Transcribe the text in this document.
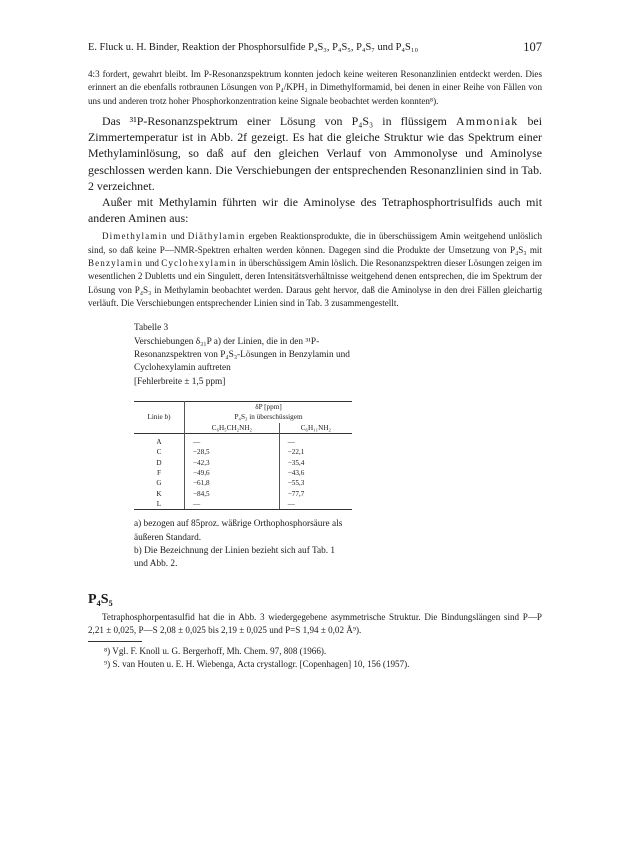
E. Fluck u. H. Binder, Reaktion der Phosphorsulfide P₄S₃, P₄S₅, P₄S₇ und P₄S₁₀	107

4:3 fordert, gewahrt bleibt. Im P-Resonanzspektrum konnten jedoch keine weiteren Resonanzlinien entdeckt werden. Dies erinnert an die ebenfalls rotbraunen Lösungen von P₄/KPH₂ in Dimethylformamid, bei denen in einer Reihe von Fällen von uns und anderen trotz hoher Phosphorkonzentration keine Signale beobachtet werden konnten⁸).

Das ³¹P-Resonanzspektrum einer Lösung von P₄S₃ in flüssigem Ammoniak bei Zimmertemperatur ist in Abb. 2f gezeigt. Es hat die gleiche Struktur wie das Spektrum einer Methylaminlösung, so daß auf den gleichen Verlauf von Ammonolyse und Aminolyse geschlossen werden kann. Die Verschiebungen der entsprechenden Resonanzlinien sind in Tab. 2 verzeichnet.

Außer mit Methylamin führten wir die Aminolyse des Tetraphosphortrisulfids auch mit anderen Aminen aus:

Dimethylamin und Diäthylamin ergeben Reaktionsprodukte, die in überschüssigem Amin weitgehend unlöslich sind, so daß keine P—NMR-Spektren erhalten werden können. Dagegen sind die Produkte der Umsetzung von P₄S₃ mit Benzylamin und Cyclohexylamin in überschüssigem Amin löslich. Die Resonanzspektren dieser Lösungen zeigen im wesentlichen 2 Dubletts und ein Singulett, deren Intensitätsverhältnisse weitgehend denen entsprechen, die im Spektrum der Lösung von P₄S₃ in Methylamin beobachtet werden. Daraus geht hervor, daß die Aminolyse in den drei Fällen gleichartig verläuft. Die Verschiebungen entsprechender Linien sind in Tab. 3 zusammengestellt.

Tabelle 3

Verschiebungen δ₃₁P a) der Linien, die in den ³¹P-Resonanzspektren von P₄S₃-Lösungen in Benzylamin und Cyclohexylamin auftreten

[Fehlerbreite ± 1,5 ppm]

Linie b)	δP [ppm]	
	P₄S₃ in überschüssigem	
	C₆H₅CH₂NH₂	C₆H₁₁NH₂

A	—	—
C	−28,5	−22,1
D	−42,3	−35,4
F	−49,6	−43,6
G	−61,8	−55,3
K	−84,5	−77,7
L	—	—

a) bezogen auf 85proz. wäßrige Orthophosphorsäure als äußeren Standard.

b) Die Bezeichnung der Linien bezieht sich auf Tab. 1 und Abb. 2.

P₄S₅

Tetraphosphorpentasulfid hat die in Abb. 3 wiedergegebene asymmetrische Struktur. Die Bindungslängen sind P—P 2,21 ± 0,025, P—S 2,08 ± 0,025 bis 2,19 ± 0,025 und P=S 1,94 ± 0,02 Å⁹).

⁸) Vgl. F. Knoll u. G. Bergerhoff, Mh. Chem. 97, 808 (1966).

⁹) S. van Houten u. E. H. Wiebenga, Acta crystallogr. [Copenhagen] 10, 156 (1957).
